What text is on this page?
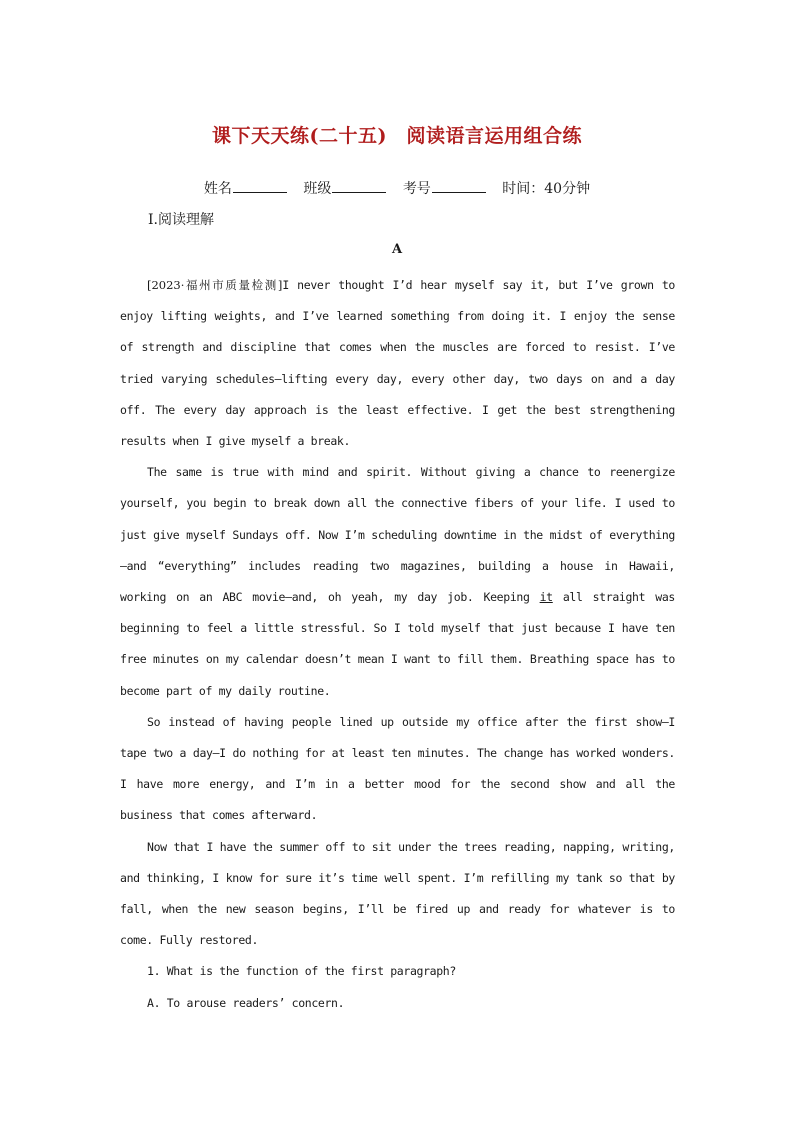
课下天天练(二十五)　阅读语言运用组合练
姓名	班级	考号	时间：40分钟
Ⅰ.阅读理解
A

[2023·福州市质量检测]I never thought I’d hear myself say it, but I’ve grown to enjoy lifting weights, and I’ve learned something from doing it. I enjoy the sense of strength and discipline that comes when the muscles are forced to resist. I’ve tried varying schedules—lifting every day, every other day, two days on and a day off. The every day approach is the least effective. I get the best strengthening results when I give myself a break.

The same is true with mind and spirit. Without giving a chance to reenergize yourself, you begin to break down all the connective fibers of your life. I used to just give myself Sundays off. Now I’m scheduling downtime in the midst of everything—and “everything” includes reading two magazines, building a house in Hawaii, working on an ABC movie—and, oh yeah, my day job. Keeping it all straight was beginning to feel a little stressful. So I told myself that just because I have ten free minutes on my calendar doesn’t mean I want to fill them. Breathing space has to become part of my daily routine.

So instead of having people lined up outside my office after the first show—I tape two a day—I do nothing for at least ten minutes. The change has worked wonders. I have more energy, and I’m in a better mood for the second show and all the business that comes afterward.

Now that I have the summer off to sit under the trees reading, napping, writing, and thinking, I know for sure it’s time well spent. I’m refilling my tank so that by fall, when the new season begins, I’ll be fired up and ready for whatever is to come. Fully restored.

1. What is the function of the first paragraph?

A. To arouse readers’ concern.
